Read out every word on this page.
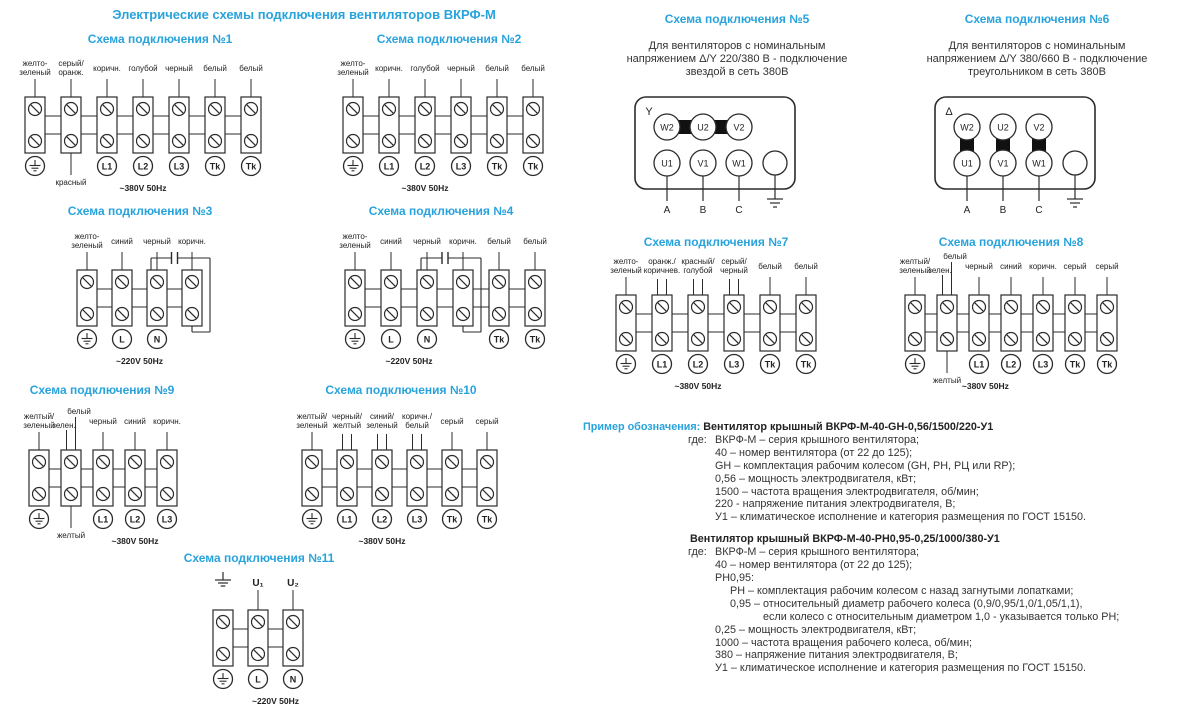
Электрические схемы подключения вентиляторов ВКРФ-М
Схема подключения №1	Схема подключения №2
Схема подключения №3	Схема подключения №4
Схема подключения №5	Схема подключения №6
Схема подключения №7	Схема подключения №8
Схема подключения №9	Схема подключения №10
Схема подключения №11
Для вентиляторов с номинальным
напряжением Δ/Y 220/380 В - подключение
звездой в сеть 380В
Для вентиляторов с номинальным
напряжением Δ/Y 380/660 В - подключение
треугольником в сеть 380В
желто-
зеленый
серый/
оранж.
красный
коричн.
L1
голубой
L2
черный
L3
белый
Tk
белый
Tk
~380V 50Hz
желто-
зеленый коричн.
L1
голубой
L2
черный
L3
белый
Tk
белый
Tk
~380V 50Hz
желто-
зеленый синий
L
черный
N
коричн.
~220V 50Hz
желто-
зеленый синий
L
черный
N
коричн. белый
Tk
белый
Tk
~220V 50Hz
Y
W2
U1
A
U2
V1
B
V2
W1
C
Δ
W2
U1
A
U2
V1
B
V2
W1
C
желто-
зеленый
оранж./
коричнев.
L1
красный/
голубой
L2
серый/
черный
L3
белый
Tk
белый
Tk
~380V 50Hz
желтый/
зеленый
зелен.
белый
желтый
черный
L1
синий
L2
коричн.
L3
серый
Tk
серый
Tk
~380V 50Hz
желтый/
зеленый
зелен.
белый
желтый
черный
L1
синий
L2
коричн.
L3
~380V 50Hz
желтый/
зеленый
черный/
желтый
L1
синий/
зеленый
L2
коричн./
белый
L3
серый
Tk
серый
Tk
~380V 50Hz
U₁
L
U₂
N
~220V 50Hz
Пример обозначения: Вентилятор крышный ВКРФ-М-40-GH-0,56/1500/220-У1
где: ВКРФ-М – серия крышного вентилятора;
40 – номер вентилятора (от 22 до 125);
GH – комплектация рабочим колесом (GH, PH, РЦ или RP);
0,56 – мощность электродвигателя, кВт;
1500 – частота вращения электродвигателя, об/мин;
220 - напряжение питания электродвигателя, В;
У1 – климатическое исполнение и категория размещения по ГОСТ 15150.
Вентилятор крышный ВКРФ-М-40-РН0,95-0,25/1000/380-У1
где: ВКРФ-М – серия крышного вентилятора;
40 – номер вентилятора (от 22 до 125);
РН0,95:
РН – комплектация рабочим колесом с назад загнутыми лопатками;
0,95 – относительный диаметр рабочего колеса (0,9/0,95/1,0/1,05/1,1),
если колесо с относительным диаметром 1,0 - указывается только РН;
0,25 – мощность электродвигателя, кВт;
1000 – частота вращения рабочего колеса, об/мин;
380 – напряжение питания электродвигателя, В;
У1 – климатическое исполнение и категория размещения по ГОСТ 15150.
